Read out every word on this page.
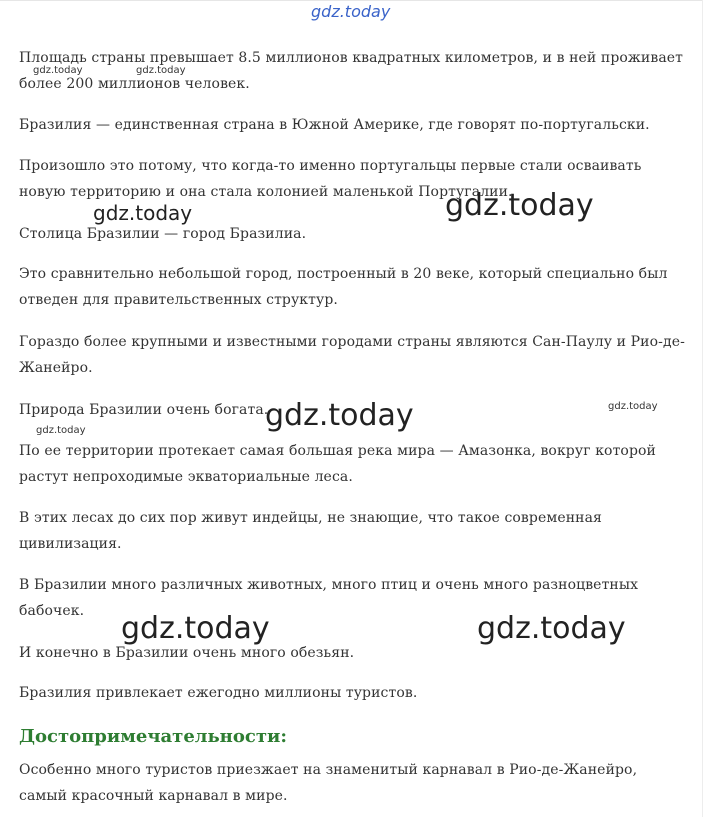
gdz.today

Площадь страны превышает 8.5 миллионов квадратных километров, и в ней проживает более 200 миллионов человек.

Бразилия — единственная страна в Южной Америке, где говорят по-португальски.

Произошло это потому, что когда-то именно португальцы первые стали осваивать новую территорию и она стала колонией маленькой Португалии.

Столица Бразилии — город Бразилиа.

Это сравнительно небольшой город, построенный в 20 веке, который специально был отведен для правительственных структур.

Гораздо более крупными и известными городами страны являются Сан-Паулу и Рио-де-Жанейро.

Природа Бразилии очень богата.

По ее территории протекает самая большая река мира — Амазонка, вокруг которой растут непроходимые экваториальные леса.

В этих лесах до сих пор живут индейцы, не знающие, что такое современная цивилизация.

В Бразилии много различных животных, много птиц и очень много разноцветных бабочек.

И конечно в Бразилии очень много обезьян.

Бразилия привлекает ежегодно миллионы туристов.

Достопримечательности:

Особенно много туристов приезжает на знаменитый карнавал в Рио-де-Жанейро, самый красочный карнавал в мире.

gdz.today	gdz.today
gdz.today	gdz.today
gdz.today	gdz.today
gdz.today
gdz.today	gdz.today
